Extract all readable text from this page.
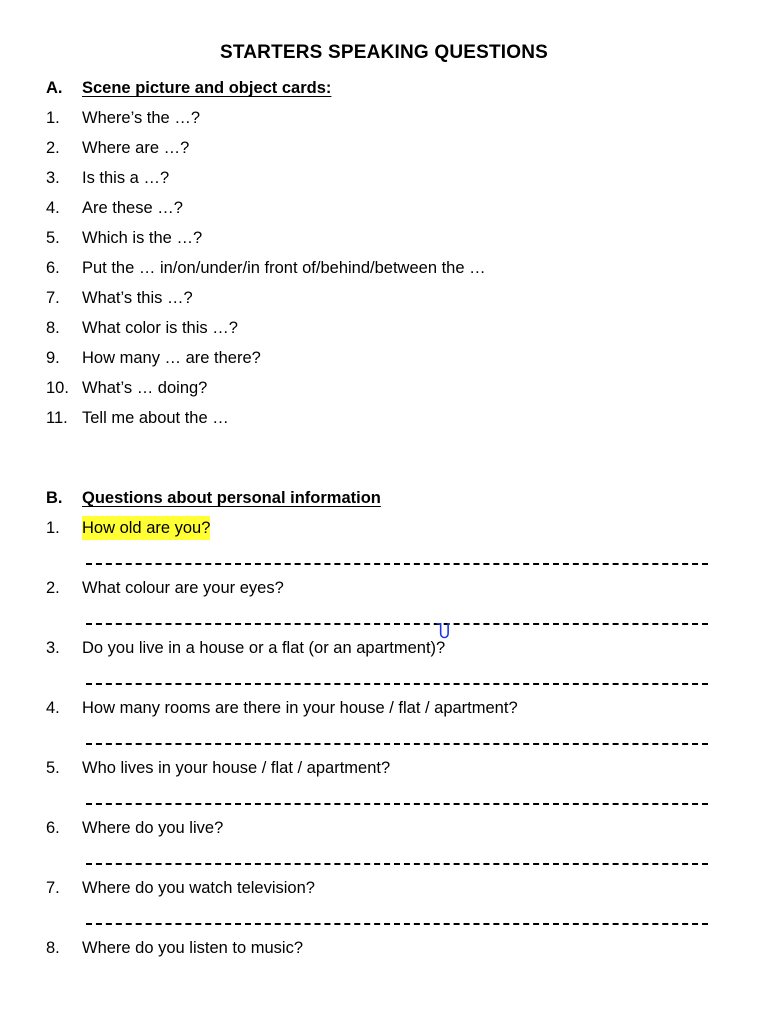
STARTERS SPEAKING QUESTIONS
A. Scene picture and object cards:
1. Where’s the …?
2. Where are …?
3. Is this a …?
4. Are these …?
5. Which is the …?
6. Put the … in/on/under/in front of/behind/between the …
7. What’s this …?
8. What color is this …?
9. How many … are there?
10. What’s … doing?
11. Tell me about the …
B. Questions about personal information
1. How old are you?
2. What colour are your eyes?
3. Do you live in a house or a flat (or an apartment)?
4. How many rooms are there in your house / flat / apartment?
5. Who lives in your house / flat / apartment?
6. Where do you live?
7. Where do you watch television?
8. Where do you listen to music?
Ⴎ
